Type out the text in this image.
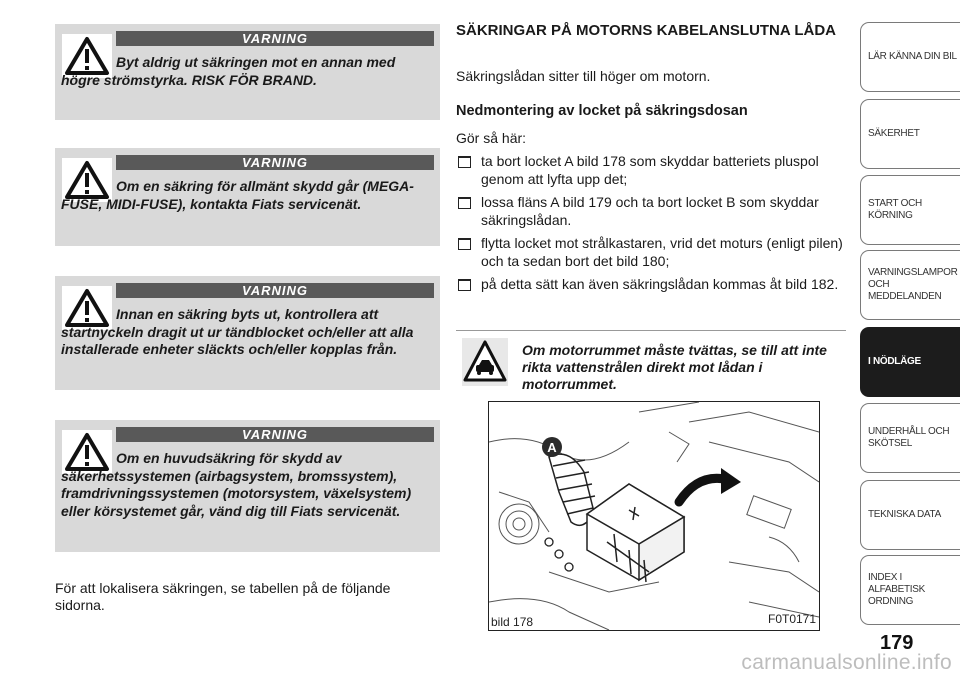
VARNING
Byt aldrig ut säkringen mot en annan med högre strömstyrka. RISK FÖR BRAND.
VARNING
Om en säkring för allmänt skydd går (MEGA-FUSE, MIDI-FUSE), kontakta Fiats servicenät.
VARNING
Innan en säkring byts ut, kontrollera att startnyckeln dragit ut ur tändblocket och/eller att alla installerade enheter släckts och/eller kopplas från.
VARNING
Om en huvudsäkring för skydd av säkerhetssystemen (airbagsystem, bromssystem), framdrivningssystemen (motorsystem, växelsystem) eller körsystemet går, vänd dig till Fiats servicenät.
För att lokalisera säkringen, se tabellen på de följande sidorna.
SÄKRINGAR PÅ MOTORNS KABELANSLUTNA LÅDA
Säkringslådan sitter till höger om motorn.
Nedmontering av locket på säkringsdosan
Gör så här:
ta bort locket A bild 178 som skyddar batteriets pluspol genom att lyfta upp det;
lossa fläns A bild 179 och ta bort locket B som skyddar säkringslådan.
flytta locket mot strålkastaren, vrid det moturs (enligt pilen) och ta sedan bort det bild 180;
på detta sätt kan även säkringslådan kommas åt bild 182.
Om motorrummet måste tvättas, se till att inte rikta vattenstrålen direkt mot lådan i motorrummet.
A
bild 178	F0T0171
LÄR KÄNNA DIN BIL
SÄKERHET
START OCH
KÖRNING
VARNINGSLAMPOR
OCH
MEDDELANDEN
I NÖDLÄGE
UNDERHÅLL OCH
SKÖTSEL
TEKNISKA DATA
INDEX I ALFABETISK
ORDNING
179
carmanualsonline.info
